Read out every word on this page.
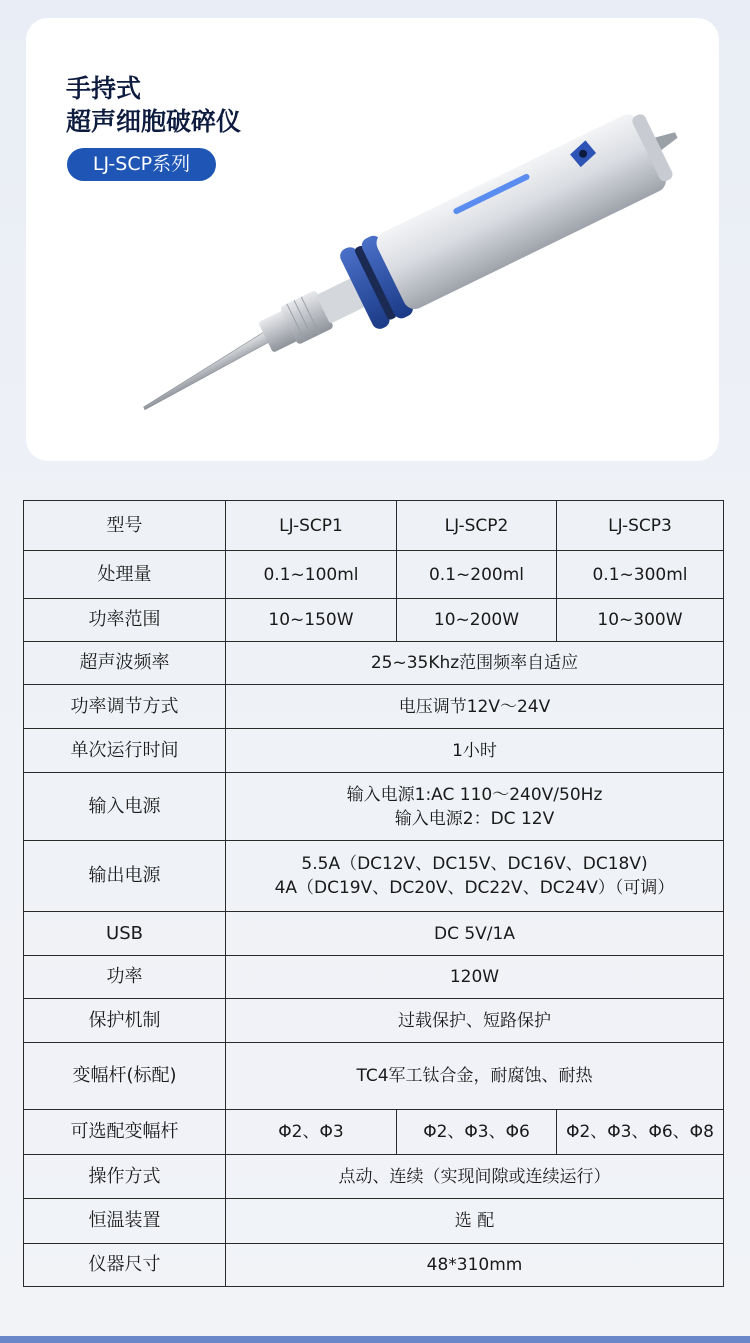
手持式
超声细胞破碎仪
LJ-SCP系列
型号	LJ-SCP1	LJ-SCP2	LJ-SCP3
处理量	0.1~100ml	0.1~200ml	0.1~300ml
功率范围	10~150W	10~200W	10~300W
超声波频率	25~35Khz范围频率自适应		
功率调节方式	电压调节12V～24V		
单次运行时间	1小时		
输入电源	输入电源1:AC 110～240V/50Hz
输入电源2：DC 12V		

输出电源	5.5A（DC12V、DC15V、DC16V、DC18V)
4A（DC19V、DC20V、DC22V、DC24V）（可调）		

USB	DC 5V/1A		
功率	120W		
保护机制	过载保护、短路保护		
变幅杆(标配)	TC4军工钛合金，耐腐蚀、耐热		
可选配变幅杆	Φ2、Φ3	Φ2、Φ3、Φ6	Φ2、Φ3、Φ6、Φ8
操作方式	点动、连续（实现间隙或连续运行）		
恒温装置	选 配		
仪器尺寸	48*310mm		
